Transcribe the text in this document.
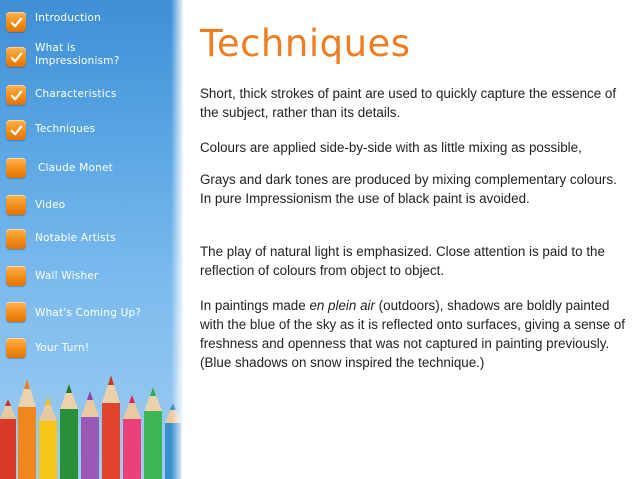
Introduction
What is Impressionism?
Characteristics
Techniques
Claude Monet
Video
Notable Artists
Wall Wisher
What's Coming Up?
Your Turn!
Techniques

Short, thick strokes of paint are used to quickly capture the essence of the subject, rather than its details.

Colours are applied side-by-side with as little mixing as possible,

Grays and dark tones are produced by mixing complementary colours. In pure Impressionism the use of black paint is avoided.

The play of natural light is emphasized. Close attention is paid to the reflection of colours from object to object.

In paintings made en plein air (outdoors), shadows are boldly painted with the blue of the sky as it is reflected onto surfaces, giving a sense of freshness and openness that was not captured in painting previously. (Blue shadows on snow inspired the technique.)
